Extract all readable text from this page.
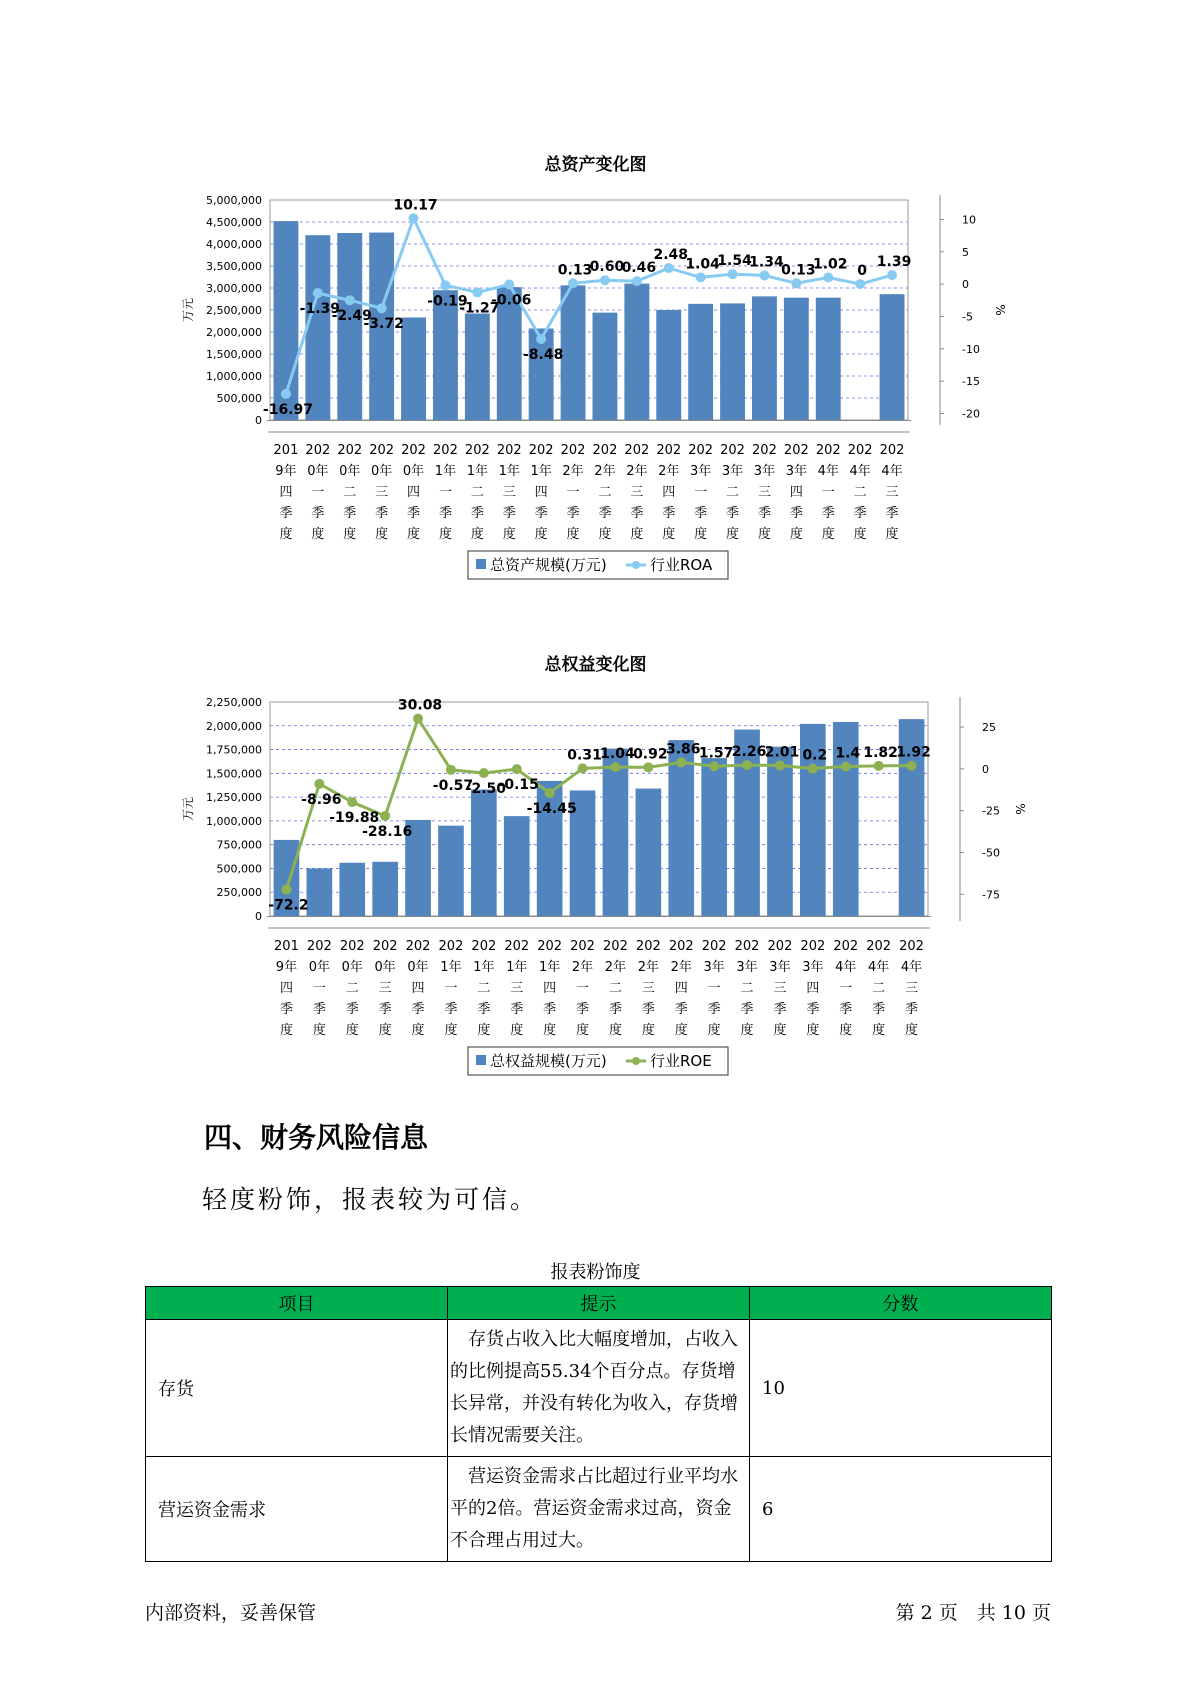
总资产变化图
0
500,000
1,000,000
1,500,000
2,000,000
2,500,000
3,000,000
3,500,000
4,000,000
4,500,000
5,000,000
10
5
0
-5
-10
-15
-20
万元	%
-16.97
-1.39
-2.49
-3.72
10.17
-0.19
-1.27
-0.06
-8.48
0.13
0.60
0.46
2.48
1.04
1.54
1.34
0.13
1.02 0
1.39
201
9年
四
季
度
202
0年
一
季
度
202
0年
二
季
度
202
0年
三
季
度
202
0年
四
季
度
202
1年
一
季
度
202
1年
二
季
度
202
1年
三
季
度
202
1年
四
季
度
202
2年
一
季
度
202
2年
二
季
度
202
2年
三
季
度
202
2年
四
季
度
202
3年
一
季
度
202
3年
二
季
度
202
3年
三
季
度
202
3年
四
季
度
202
4年
一
季
度
202
4年
二
季
度
202
4年
三
季
度
总资产规模(万元)	行业ROA
总权益变化图
0
250,000
500,000
750,000
1,000,000
1,250,000
1,500,000
1,750,000
2,000,000
2,250,000
25
0
-25
-50
-75
万元	%
-72.2
-8.96
-19.88
-28.16
30.08
-0.57
-2.50
-0.15
-14.45
0.31
1.04
0.92
3.86
1.57
2.26
2.01 0.2 1.4 1.82
1.92
201
9年
四
季
度
202
0年
一
季
度
202
0年
二
季
度
202
0年
三
季
度
202
0年
四
季
度
202
1年
一
季
度
202
1年
二
季
度
202
1年
三
季
度
202
1年
四
季
度
202
2年
一
季
度
202
2年
二
季
度
202
2年
三
季
度
202
2年
四
季
度
202
3年
一
季
度
202
3年
二
季
度
202
3年
三
季
度
202
3年
四
季
度
202
4年
一
季
度
202
4年
二
季
度
202
4年
三
季
度
总权益规模(万元)	行业ROE
四、财务风险信息
轻度粉饰，报表较为可信。
报表粉饰度
项目	提示	分数
存货	　存货占收入比大幅度增加，占收入的比例提高55.34个百分点。存货增长异常，并没有转化为收入，存货增长情况需要关注。	10
营运资金需求	　营运资金需求占比超过行业平均水平的2倍。营运资金需求过高，资金不合理占用过大。	6
内部资料，妥善保管	第 2 页　共 10 页
